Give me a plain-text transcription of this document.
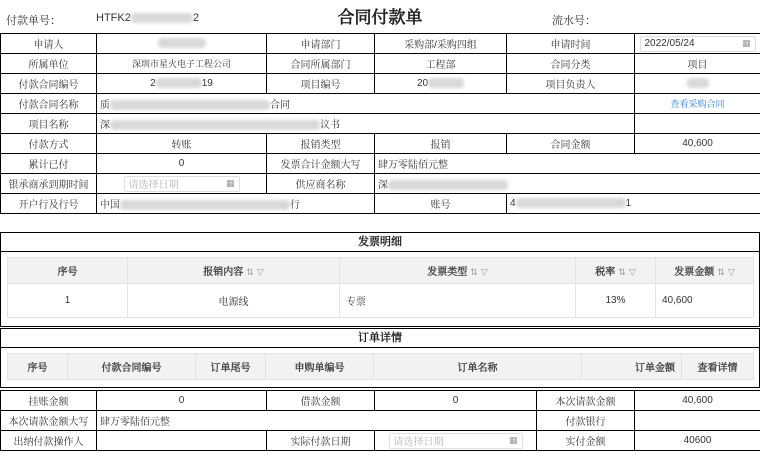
付款单号：	HTFK2	2	合同付款单	流水号：
申请人		申请部门	采购部/采购四组	申请时间	2022/05/24 ▦

所属单位	深圳市星火电子工程公司	合同所属部门	工程部	合同分类	项目
付款合同编号	2 19	项目编号	20	项目负责人	
付款合同名称	质 合同				查看采购合同
项目名称	深 议书				
付款方式	转账	报销类型	报销	合同金额	40,600
累计已付	0	发票合计金额大写	肆万零陆佰元整		
银承商承到期时间	请选择日期 ▦	供应商名称	深		
开户行及行号	中国 行		账号	4 1	
发票明细
序号	报销内容 ⇅ ▽	发票类型 ⇅ ▽	税率 ⇅ ▽	发票金额 ⇅ ▽
1	电源线	专票	13%	40,600
订单详情
序号	付款合同编号	订单尾号	申购单编号	订单名称	订单金额	查看详情
挂账金额	0	借款金额	0	本次请款金额	40,600
本次请款金额大写	肆万零陆佰元整			付款银行	
出纳付款操作人		实际付款日期	请选择日期 ▦	实付金额	40600
